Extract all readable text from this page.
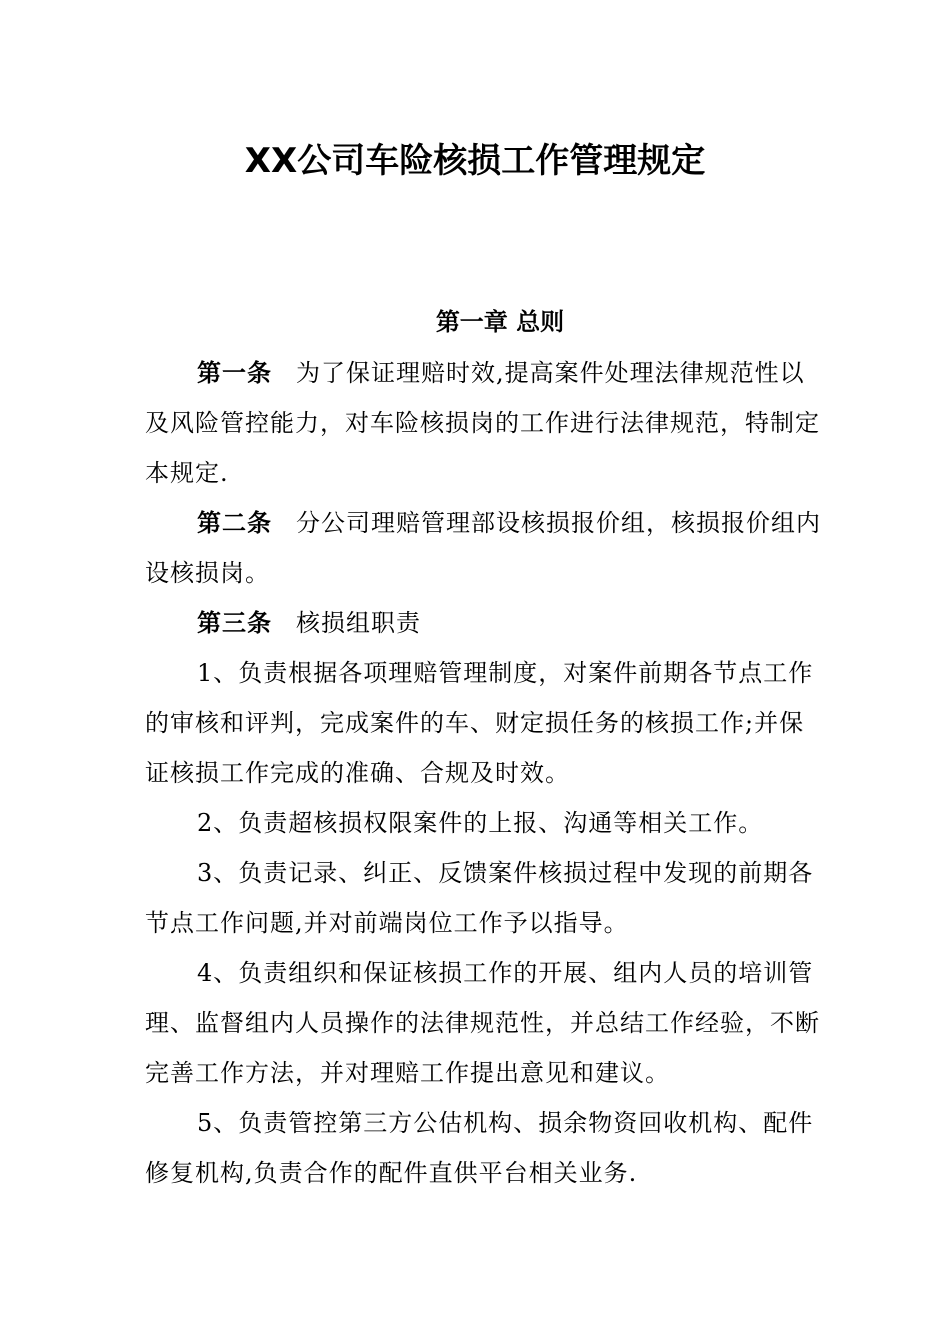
XX公司车险核损工作管理规定
第一章 总则

第一条 为了保证理赔时效,提高案件处理法律规范性以及风险管控能力，对车险核损岗的工作进行法律规范，特制定本规定.

第二条 分公司理赔管理部设核损报价组，核损报价组内设核损岗。

第三条 核损组职责

1、负责根据各项理赔管理制度，对案件前期各节点工作的审核和评判，完成案件的车、财定损任务的核损工作;并保证核损工作完成的准确、合规及时效。

2、负责超核损权限案件的上报、沟通等相关工作。

3、负责记录、纠正、反馈案件核损过程中发现的前期各节点工作问题,并对前端岗位工作予以指导。

4、负责组织和保证核损工作的开展、组内人员的培训管理、监督组内人员操作的法律规范性，并总结工作经验，不断完善工作方法，并对理赔工作提出意见和建议。

5、负责管控第三方公估机构、损余物资回收机构、配件修复机构,负责合作的配件直供平台相关业务.
